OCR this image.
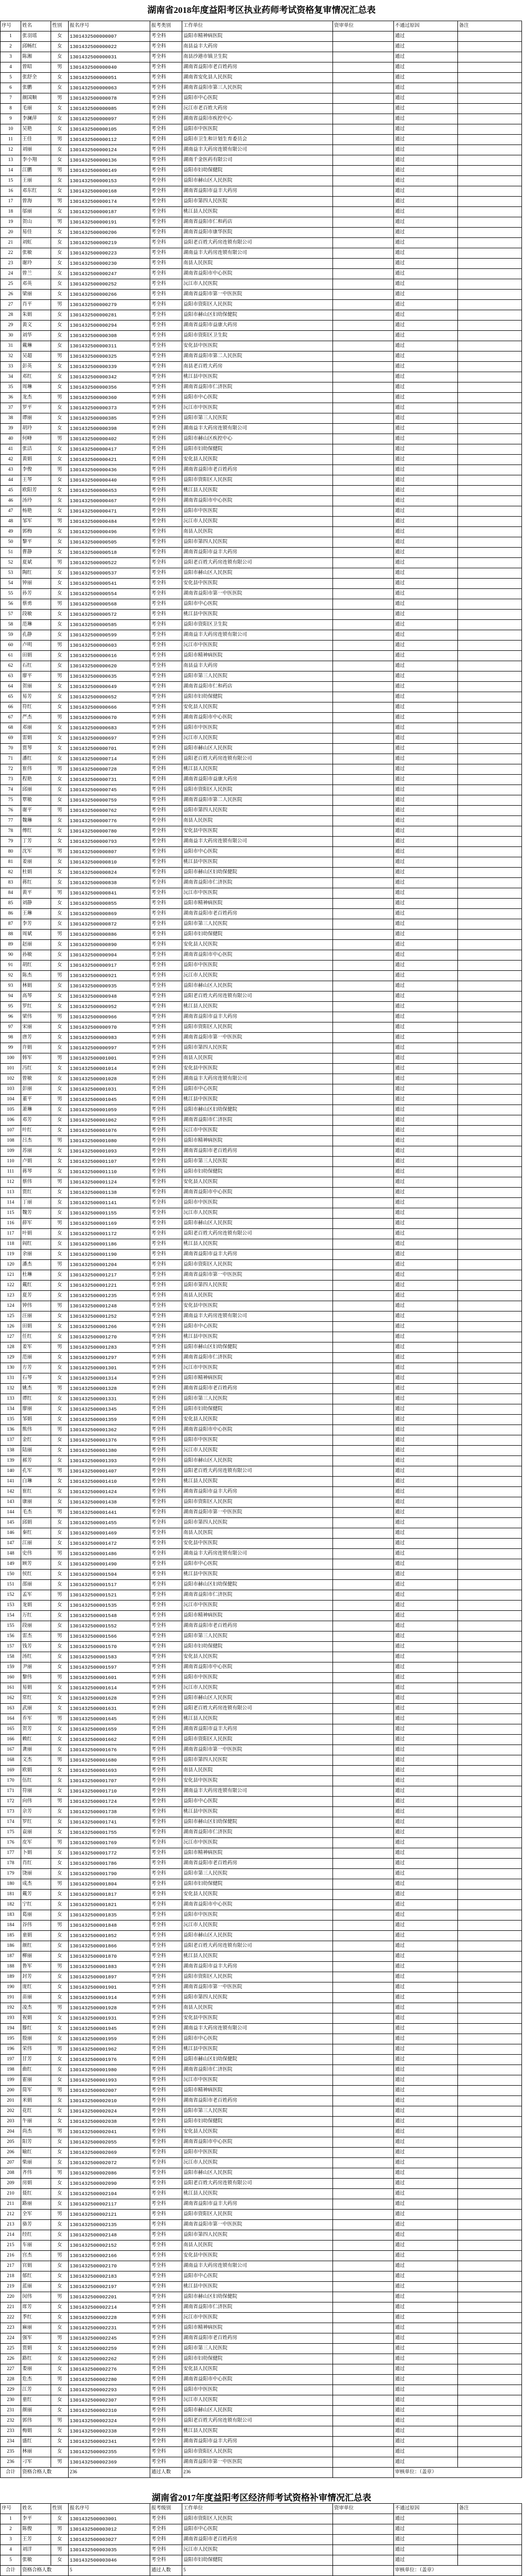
湖南省2018年度益阳考区执业药师考试资格复审情况汇总表
序号	姓名	性别	报名序号	报考类别	工作单位	资审单位	不通过原因	备注
1	张羽瑶	女	1301432500000007	考全科	益阳市精神病医院		通过	
2	邱畅红	女	1301432500000022	考全科	南县益丰大药房		通过	
3	陈湘	女	1301432500000031	考全科	南县沙港市镇卫生院		通过	
4	曾昭	男	1301432500000040	考全科	湖南省益阳市老百姓药房		通过	
5	张舒全	女	1301432500000051	考全科	湖南省安化县人民医院		通过	
6	张鹏	女	1301432500000063	考全科	湖南省益阳市第三人民医院		通过	
7	颜国顺	男	1301432500000078	考全科	益阳市中心医院		通过	
8	毛丽	女	1301432500000085	考全科	沅江市老百姓大药房		通过	
9	李澜萍	女	1301432500000097	考全科	湖南省益阳市疾控中心		通过	
10	吴艳	女	1301432500000105	考全科	益阳市中医医院		通过	
11	王佳	男	1301432500000112	考全科	益阳市卫生和计划生育委员会		通过	
12	刘丽	女	1301432500000124	考全科	湖南益丰大药房连锁有限公司		通过	
13	李小翔	女	1301432500000136	考全科	湖南千金医药有限公司		通过	
14	江鹏	男	1301432500000149	考全科	益阳市妇幼保健院		通过	
15	王丽	女	1301432500000153	考全科	益阳市赫山区人民医院		通过	
16	邓东红	女	1301432500000168	考全科	湖南省益阳市益丰大药房		通过	
17	曾海	男	1301432500000174	考全科	益阳市第四人民医院		通过	
18	邬丽	女	1301432500000187	考全科	桃江县人民医院		通过	
19	贺山	男	1301432500000191	考全科	湖南省益阳市仁和药店		通过	
20	易佳	女	1301432500000206	考全科	湖南省益阳市康华医院		通过	
21	刘虹	女	1301432500000219	考全科	益阳老百姓大药房连锁有限公司		通过	
22	张敏	女	1301432500000223	考全科	湖南益丰大药房连锁有限公司		通过	
23	谢玲	女	1301432500000230	考全科	南县人民医院		通过	
24	曾兰	女	1301432500000247	考全科	湖南省益阳市中心医院		通过	
25	邓英	女	1301432500000252	考全科	沅江市人民医院		通过	
26	梁丽	女	1301432500000266	考全科	湖南省益阳市第一中医医院		通过	
27	肖平	男	1301432500000279	考全科	益阳市资阳区人民医院		通过	
28	朱娟	女	1301432500000281	考全科	益阳市赫山区妇幼保健院		通过	
29	黄文	女	1301432500000294	考全科	湖南省益阳市益康大药房		通过	
30	刘华	女	1301432500000308	考全科	益阳市资阳区卫生院		通过	
31	戴琳	女	1301432500000311	考全科	安化县中医医院		通过	
32	吴超	男	1301432500000325	考全科	湖南省益阳市第二人民医院		通过	
33	彭英	女	1301432500000339	考全科	南县老百姓大药房		通过	
34	邓红	女	1301432500000342	考全科	桃江县中医医院		通过	
35	周琳	女	1301432500000356	考全科	湖南省益阳市仁济医院		通过	
36	龙杰	男	1301432500000360	考全科	益阳市中心医院		通过	
37	罗平	女	1301432500000373	考全科	沅江市中医医院		通过	
38	谭丽	女	1301432500000385	考全科	益阳市第三人民医院		通过	
39	胡玲	女	1301432500000398	考全科	湖南益丰大药房连锁有限公司		通过	
40	何峰	男	1301432500000402	考全科	益阳市赫山区疾控中心		通过	
41	张洁	女	1301432500000417	考全科	益阳市妇幼保健院		通过	
42	黄娟	女	1301432500000421	考全科	安化县人民医院		通过	
43	李俊	男	1301432500000436	考全科	湖南省益阳市老百姓药房		通过	
44	王琴	女	1301432500000440	考全科	益阳市资阳区人民医院		通过	
45	欧阳芳	女	1301432500000453	考全科	桃江县人民医院		通过	
46	汤玲	女	1301432500000467	考全科	湖南省益阳市中心医院		通过	
47	杨艳	女	1301432500000471	考全科	益阳市中医医院		通过	
48	邹军	男	1301432500000484	考全科	沅江市人民医院		通过	
49	郭梅	女	1301432500000496	考全科	南县人民医院		通过	
50	黎平	女	1301432500000505	考全科	益阳市第四人民医院		通过	
51	曹静	女	1301432500000518	考全科	湖南省益阳市益丰大药房		通过	
52	夏斌	男	1301432500000522	考全科	益阳老百姓大药房连锁有限公司		通过	
53	陶红	女	1301432500000537	考全科	益阳市赫山区人民医院		通过	
54	钟丽	女	1301432500000541	考全科	安化县中医医院		通过	
55	孙芳	女	1301432500000554	考全科	湖南省益阳市第一中医医院		通过	
56	蔡勇	男	1301432500000568	考全科	益阳市中心医院		通过	
57	段敏	女	1301432500000572	考全科	桃江县中医医院		通过	
58	范琳	女	1301432500000585	考全科	益阳市资阳区卫生院		通过	
59	孔静	女	1301432500000599	考全科	湖南益丰大药房连锁有限公司		通过	
60	卢明	男	1301432500000603	考全科	沅江市中医医院		通过	
61	田娟	女	1301432500000616	考全科	益阳市精神病医院		通过	
62	石红	女	1301432500000620	考全科	南县益丰大药房		通过	
63	廖平	男	1301432500000635	考全科	益阳市第三人民医院		通过	
64	贺丽	女	1301432500000649	考全科	湖南省益阳市仁和药店		通过	
65	易芳	女	1301432500000652	考全科	益阳市妇幼保健院		通过	
66	符红	女	1301432500000666	考全科	安化县人民医院		通过	
67	严杰	男	1301432500000670	考全科	湖南省益阳市中心医院		通过	
68	邓丽	女	1301432500000683	考全科	益阳市中医医院		通过	
69	雷娟	女	1301432500000697	考全科	沅江市人民医院		通过	
70	贾琴	女	1301432500000701	考全科	益阳市赫山区人民医院		通过	
71	潘红	女	1301432500000714	考全科	益阳老百姓大药房连锁有限公司		通过	
72	崔伟	男	1301432500000728	考全科	桃江县人民医院		通过	
73	程艳	女	1301432500000731	考全科	湖南省益阳市益康大药房		通过	
74	邱丽	女	1301432500000745	考全科	益阳市资阳区人民医院		通过	
75	覃敏	女	1301432500000759	考全科	湖南省益阳市第二人民医院		通过	
76	谢平	男	1301432500000762	考全科	益阳市第四人民医院		通过	
77	魏琳	女	1301432500000776	考全科	南县人民医院		通过	
78	傅红	女	1301432500000780	考全科	安化县中医医院		通过	
79	丁芳	女	1301432500000793	考全科	湖南益丰大药房连锁有限公司		通过	
80	沈军	男	1301432500000807	考全科	益阳市中心医院		通过	
81	姜丽	女	1301432500000810	考全科	桃江县中医医院		通过	
82	杜娟	女	1301432500000824	考全科	益阳市赫山区妇幼保健院		通过	
83	蒋红	女	1301432500000838	考全科	湖南省益阳市仁济医院		通过	
84	黄平	男	1301432500000841	考全科	沅江市中医医院		通过	
85	刘静	女	1301432500000855	考全科	益阳市精神病医院		通过	
86	王琳	女	1301432500000869	考全科	湖南省益阳市老百姓药房		通过	
87	李芳	女	1301432500000872	考全科	益阳市第三人民医院		通过	
88	周斌	男	1301432500000886	考全科	益阳市妇幼保健院		通过	
89	赵丽	女	1301432500000890	考全科	安化县人民医院		通过	
90	孙敏	女	1301432500000904	考全科	湖南省益阳市中心医院		通过	
91	胡红	女	1301432500000917	考全科	益阳市中医医院		通过	
92	陈杰	男	1301432500000921	考全科	沅江市人民医院		通过	
93	林娟	女	1301432500000935	考全科	益阳市赫山区人民医院		通过	
94	高琴	女	1301432500000948	考全科	益阳老百姓大药房连锁有限公司		通过	
95	罗红	女	1301432500000952	考全科	桃江县人民医院		通过	
96	梁伟	男	1301432500000966	考全科	湖南省益阳市益丰大药房		通过	
97	宋丽	女	1301432500000970	考全科	益阳市资阳区人民医院		通过	
98	唐芳	女	1301432500000983	考全科	湖南省益阳市第一中医医院		通过	
99	许娟	女	1301432500000997	考全科	益阳市第四人民医院		通过	
100	韩军	男	1301432500001001	考全科	南县人民医院		通过	
101	冯红	女	1301432500001014	考全科	安化县中医医院		通过	
102	曾敏	女	1301432500001028	考全科	湖南益丰大药房连锁有限公司		通过	
103	彭丽	女	1301432500001031	考全科	益阳市中心医院		通过	
104	董平	男	1301432500001045	考全科	桃江县中医医院		通过	
105	萧琳	女	1301432500001059	考全科	益阳市赫山区妇幼保健院		通过	
106	邓芳	女	1301432500001062	考全科	湖南省益阳市仁济医院		通过	
107	叶红	女	1301432500001076	考全科	沅江市中医医院		通过	
108	吕杰	男	1301432500001080	考全科	益阳市精神病医院		通过	
109	苏丽	女	1301432500001093	考全科	湖南省益阳市老百姓药房		通过	
110	卢娟	女	1301432500001107	考全科	益阳市第三人民医院		通过	
111	蒋琴	女	1301432500001110	考全科	益阳市妇幼保健院		通过	
112	蔡伟	男	1301432500001124	考全科	安化县人民医院		通过	
113	贾红	女	1301432500001138	考全科	湖南省益阳市中心医院		通过	
114	丁丽	女	1301432500001141	考全科	益阳市中医医院		通过	
115	魏芳	女	1301432500001155	考全科	沅江市人民医院		通过	
116	薛军	男	1301432500001169	考全科	益阳市赫山区人民医院		通过	
117	叶娟	女	1301432500001172	考全科	益阳老百姓大药房连锁有限公司		通过	
118	阎红	女	1301432500001186	考全科	桃江县人民医院		通过	
119	余丽	女	1301432500001190	考全科	湖南省益阳市益丰大药房		通过	
120	潘杰	男	1301432500001204	考全科	益阳市资阳区人民医院		通过	
121	杜琳	女	1301432500001217	考全科	湖南省益阳市第一中医医院		通过	
122	戴红	女	1301432500001221	考全科	益阳市第四人民医院		通过	
123	夏芳	女	1301432500001235	考全科	南县人民医院		通过	
124	钟伟	男	1301432500001248	考全科	安化县中医医院		通过	
125	汪丽	女	1301432500001252	考全科	湖南益丰大药房连锁有限公司		通过	
126	田娟	女	1301432500001266	考全科	益阳市中心医院		通过	
127	任红	女	1301432500001270	考全科	桃江县中医医院		通过	
128	姜军	男	1301432500001283	考全科	益阳市赫山区妇幼保健院		通过	
129	范丽	女	1301432500001297	考全科	湖南省益阳市仁济医院		通过	
130	方芳	女	1301432500001301	考全科	沅江市中医医院		通过	
131	石琴	女	1301432500001314	考全科	益阳市精神病医院		通过	
132	姚杰	男	1301432500001328	考全科	湖南省益阳市老百姓药房		通过	
133	谭红	女	1301432500001331	考全科	益阳市第三人民医院		通过	
134	廖丽	女	1301432500001345	考全科	益阳市妇幼保健院		通过	
135	邹娟	女	1301432500001359	考全科	安化县人民医院		通过	
136	熊伟	男	1301432500001362	考全科	湖南省益阳市中心医院		通过	
137	金红	女	1301432500001376	考全科	益阳市中医医院		通过	
138	陆丽	女	1301432500001380	考全科	沅江市人民医院		通过	
139	郝芳	女	1301432500001393	考全科	益阳市赫山区人民医院		通过	
140	孔军	男	1301432500001407	考全科	益阳老百姓大药房连锁有限公司		通过	
141	白琳	女	1301432500001410	考全科	桃江县人民医院		通过	
142	崔红	女	1301432500001424	考全科	湖南省益阳市益丰大药房		通过	
143	康丽	女	1301432500001438	考全科	益阳市资阳区人民医院		通过	
144	毛杰	男	1301432500001441	考全科	湖南省益阳市第一中医医院		通过	
145	邱娟	女	1301432500001455	考全科	益阳市第四人民医院		通过	
146	秦红	女	1301432500001469	考全科	南县人民医院		通过	
147	江丽	女	1301432500001472	考全科	安化县中医医院		通过	
148	史伟	男	1301432500001486	考全科	湖南益丰大药房连锁有限公司		通过	
149	顾芳	女	1301432500001490	考全科	益阳市中心医院		通过	
150	侯红	女	1301432500001504	考全科	桃江县中医医院		通过	
151	邵丽	女	1301432500001517	考全科	益阳市赫山区妇幼保健院		通过	
152	孟军	男	1301432500001521	考全科	湖南省益阳市仁济医院		通过	
153	龙娟	女	1301432500001535	考全科	沅江市中医医院		通过	
154	万红	女	1301432500001548	考全科	益阳市精神病医院		通过	
155	段丽	女	1301432500001552	考全科	湖南省益阳市老百姓药房		通过	
156	雷杰	男	1301432500001566	考全科	益阳市第三人民医院		通过	
157	钱芳	女	1301432500001570	考全科	益阳市妇幼保健院		通过	
158	汤红	女	1301432500001583	考全科	安化县人民医院		通过	
159	尹丽	女	1301432500001597	考全科	湖南省益阳市中心医院		通过	
160	黎伟	男	1301432500001601	考全科	益阳市中医医院		通过	
161	易娟	女	1301432500001614	考全科	沅江市人民医院		通过	
162	常红	女	1301432500001628	考全科	益阳市赫山区人民医院		通过	
163	武丽	女	1301432500001631	考全科	益阳老百姓大药房连锁有限公司		通过	
164	乔军	男	1301432500001645	考全科	桃江县人民医院		通过	
165	贺芳	女	1301432500001659	考全科	湖南省益阳市益丰大药房		通过	
166	赖红	女	1301432500001662	考全科	益阳市资阳区人民医院		通过	
167	龚丽	女	1301432500001676	考全科	湖南省益阳市第一中医医院		通过	
168	文杰	男	1301432500001680	考全科	益阳市第四人民医院		通过	
169	欧娟	女	1301432500001693	考全科	南县人民医院		通过	
170	伍红	女	1301432500001707	考全科	安化县中医医院		通过	
171	符丽	女	1301432500001710	考全科	湖南益丰大药房连锁有限公司		通过	
172	向伟	男	1301432500001724	考全科	益阳市中心医院		通过	
173	佘芳	女	1301432500001738	考全科	桃江县中医医院		通过	
174	罗红	女	1301432500001741	考全科	益阳市赫山区妇幼保健院		通过	
175	袁丽	女	1301432500001755	考全科	湖南省益阳市仁济医院		通过	
176	皮军	男	1301432500001769	考全科	沅江市中医医院		通过	
177	卜娟	女	1301432500001772	考全科	益阳市精神病医院		通过	
178	肖红	女	1301432500001786	考全科	湖南省益阳市老百姓药房		通过	
179	饶丽	女	1301432500001790	考全科	益阳市第三人民医院		通过	
180	成杰	男	1301432500001804	考全科	益阳市妇幼保健院		通过	
181	戴芳	女	1301432500001817	考全科	安化县人民医院		通过	
182	宁红	女	1301432500001821	考全科	湖南省益阳市中心医院		通过	
183	葛丽	女	1301432500001835	考全科	益阳市中医医院		通过	
184	谷伟	男	1301432500001848	考全科	沅江市人民医院		通过	
185	童娟	女	1301432500001852	考全科	益阳市赫山区人民医院		通过	
186	颜红	女	1301432500001866	考全科	益阳老百姓大药房连锁有限公司		通过	
187	柳丽	女	1301432500001870	考全科	桃江县人民医院		通过	
188	鲁军	男	1301432500001883	考全科	湖南省益阳市益丰大药房		通过	
189	封芳	女	1301432500001897	考全科	益阳市资阳区人民医院		通过	
190	庞红	女	1301432500001901	考全科	湖南省益阳市第一中医医院		通过	
191	苗丽	女	1301432500001914	考全科	益阳市第四人民医院		通过	
192	凌杰	男	1301432500001928	考全科	南县人民医院		通过	
193	祝娟	女	1301432500001931	考全科	安化县中医医院		通过	
194	滕红	女	1301432500001945	考全科	湖南益丰大药房连锁有限公司		通过	
195	殷丽	女	1301432500001959	考全科	益阳市中心医院		通过	
196	荣伟	男	1301432500001962	考全科	桃江县中医医院		通过	
197	甘芳	女	1301432500001976	考全科	益阳市赫山区妇幼保健院		通过	
198	曲红	女	1301432500001980	考全科	湖南省益阳市仁济医院		通过	
199	霍丽	女	1301432500001993	考全科	沅江市中医医院		通过	
200	简军	男	1301432500002007	考全科	益阳市精神病医院		通过	
201	米娟	女	1301432500002010	考全科	湖南省益阳市老百姓药房		通过	
202	花红	女	1301432500002024	考全科	益阳市第三人民医院		通过	
203	牛丽	女	1301432500002038	考全科	益阳市妇幼保健院		通过	
204	尚杰	男	1301432500002041	考全科	安化县人民医院		通过	
205	阳芳	女	1301432500002055	考全科	湖南省益阳市中心医院		通过	
206	喻红	女	1301432500002069	考全科	益阳市中医医院		通过	
207	柴丽	女	1301432500002072	考全科	沅江市人民医院		通过	
208	齐伟	男	1301432500002086	考全科	益阳市赫山区人民医院		通过	
209	房娟	女	1301432500002090	考全科	益阳老百姓大药房连锁有限公司		通过	
210	聂红	女	1301432500002104	考全科	桃江县人民医院		通过	
211	路丽	女	1301432500002117	考全科	湖南省益阳市益丰大药房		通过	
212	全军	男	1301432500002121	考全科	益阳市资阳区人民医院		通过	
213	骆芳	女	1301432500002135	考全科	湖南省益阳市第一中医医院		通过	
214	经红	女	1301432500002148	考全科	益阳市第四人民医院		通过	
215	车丽	女	1301432500002152	考全科	南县人民医院		通过	
216	宫杰	男	1301432500002166	考全科	安化县中医医院		通过	
217	官娟	女	1301432500002170	考全科	湖南益丰大药房连锁有限公司		通过	
218	郁红	女	1301432500002183	考全科	益阳市中心医院		通过	
219	蓝丽	女	1301432500002197	考全科	桃江县中医医院		通过	
220	闵伟	男	1301432500002201	考全科	益阳市赫山区妇幼保健院		通过	
221	席芳	女	1301432500002214	考全科	湖南省益阳市仁济医院		通过	
222	季红	女	1301432500002228	考全科	沅江市中医医院		通过	
223	麻丽	女	1301432500002231	考全科	益阳市精神病医院		通过	
224	强军	男	1301432500002245	考全科	湖南省益阳市老百姓药房		通过	
225	贾娟	女	1301432500002259	考全科	益阳市第三人民医院		通过	
226	路红	女	1301432500002262	考全科	益阳市妇幼保健院		通过	
227	娄丽	女	1301432500002276	考全科	安化县人民医院		通过	
228	危杰	男	1301432500002280	考全科	湖南省益阳市中心医院		通过	
229	江芳	女	1301432500002293	考全科	益阳市中医医院		通过	
230	童红	女	1301432500002307	考全科	沅江市人民医院		通过	
231	颜丽	女	1301432500002310	考全科	益阳市赫山区人民医院		通过	
232	郭伟	男	1301432500002324	考全科	益阳老百姓大药房连锁有限公司		通过	
233	梅娟	女	1301432500002338	考全科	桃江县人民医院		通过	
234	盛红	女	1301432500002341	考全科	湖南省益阳市益丰大药房		通过	
235	林丽	女	1301432500002355	考全科	益阳市资阳区人民医院		通过	
236	刁军	男	1301432500002369	考全科	湖南省益阳市第一中医医院		通过	
合计	资格合格人数		236	通过人数	236		审核单位：（盖章）	
湖南省2017年度益阳考区经济师考试资格补审情况汇总表
序号	姓名	性别	报名序号	报考级别	工作单位	资审单位	不通过原因	备注
1	李平	女	1301432500003001	考全科	益阳市资阳区人民医院		通过	
2	陈俊	男	1301432500003012	考全科	益阳市中心医院		通过	
3	王芳	女	1301432500003027	考全科	湖南省益阳市老百姓药房		通过	
4	刘洋	男	1301432500003035	考全科	沅江市人民医院		通过	
5	张敏	女	1301432500003046	考全科	益阳市妇幼保健院		通过	
合计	资格合格人数		5	通过人数	5		审核单位：（盖章）	
